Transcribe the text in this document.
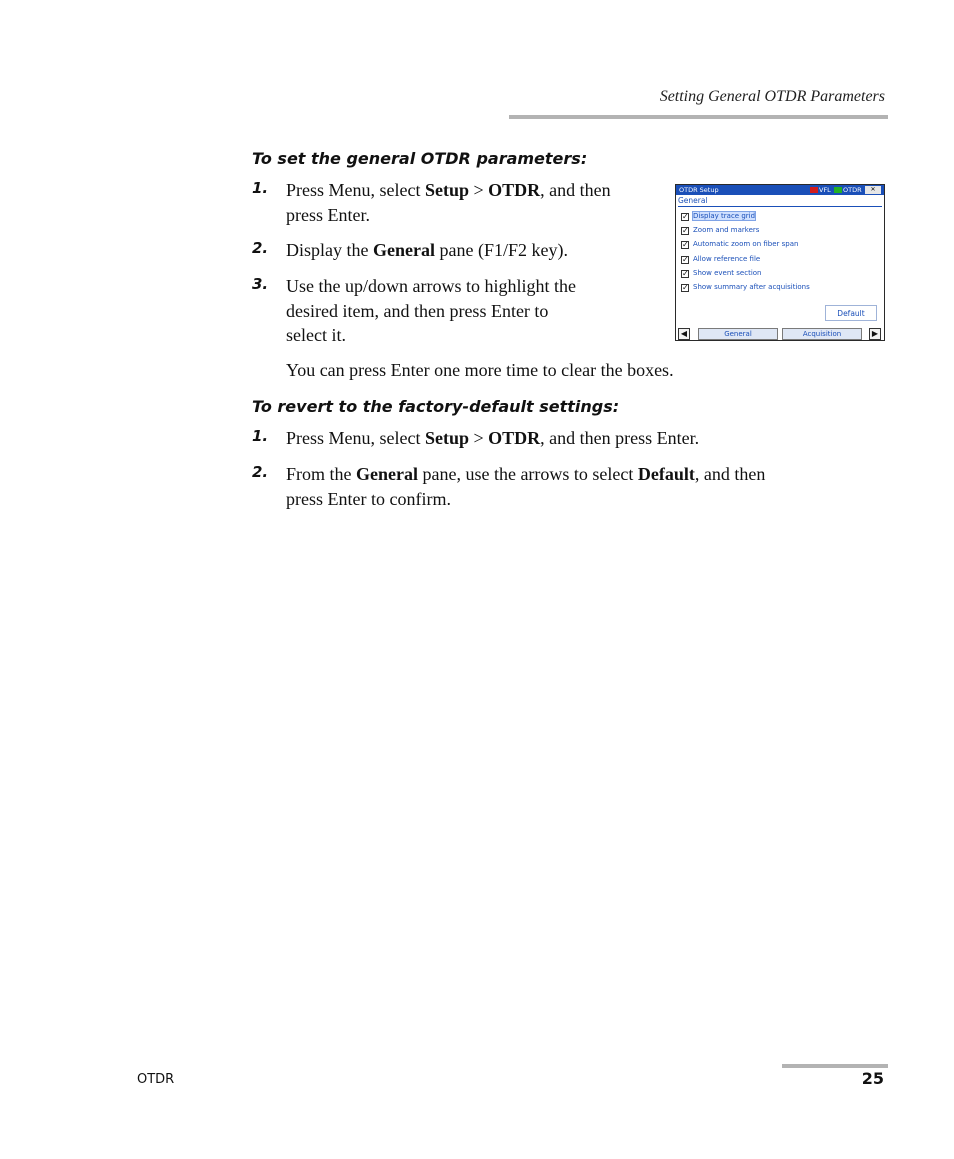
Setting General OTDR Parameters
To set the general OTDR parameters:
1. Press Menu, select Setup > OTDR, and then
press Enter.
2. Display the General pane (F1/F2 key).
3. Use the up/down arrows to highlight the
desired item, and then press Enter to
select it.
You can press Enter one more time to clear the boxes.
OTDR Setup	VFL OTDR	✕
General
✓ Display trace grid
✓ Zoom and markers
✓ Automatic zoom on fiber span
✓ Allow reference file
✓ Show event section
✓ Show summary after acquisitions
Default
◀	General	Acquisition	▶
To revert to the factory-default settings:
1. Press Menu, select Setup > OTDR, and then press Enter.
2. From the General pane, use the arrows to select Default, and then
press Enter to confirm.
OTDR	25
